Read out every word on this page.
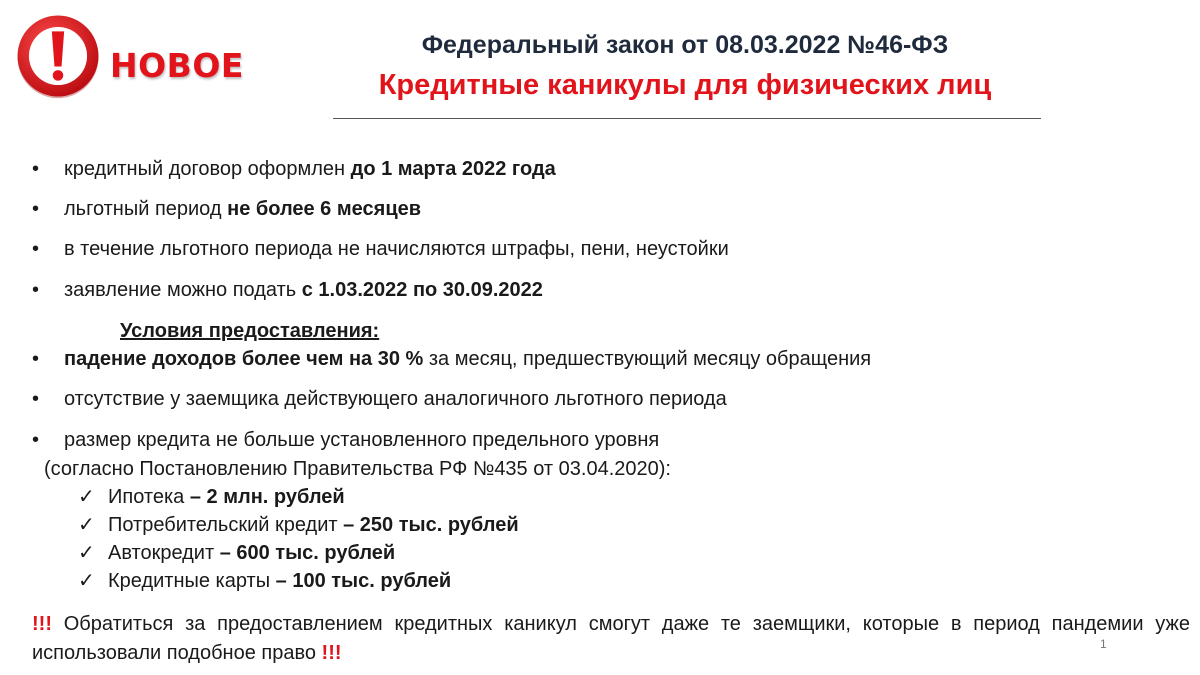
НОВОЕ
Федеральный закон от 08.03.2022 №46-ФЗ
Кредитные каникулы для физических лиц
• кредитный договор оформлен до 1 марта 2022 года
• льготный период не более 6 месяцев
• в течение льготного периода не начисляются штрафы, пени, неустойки
• заявление можно подать с 1.03.2022 по 30.09.2022
Условия предоставления:
• падение доходов более чем на 30 % за месяц, предшествующий месяцу обращения
• отсутствие у заемщика действующего аналогичного льготного периода
• размер кредита не больше установленного предельного уровня
(согласно Постановлению Правительства РФ №435 от 03.04.2020):
✓ Ипотека – 2 млн. рублей
✓ Потребительский кредит – 250 тыс. рублей
✓ Автокредит – 600 тыс. рублей
✓ Кредитные карты – 100 тыс. рублей
!!! Обратиться за предоставлением кредитных каникул смогут даже те заемщики, которые в период пандемии уже использовали подобное право !!!	1
